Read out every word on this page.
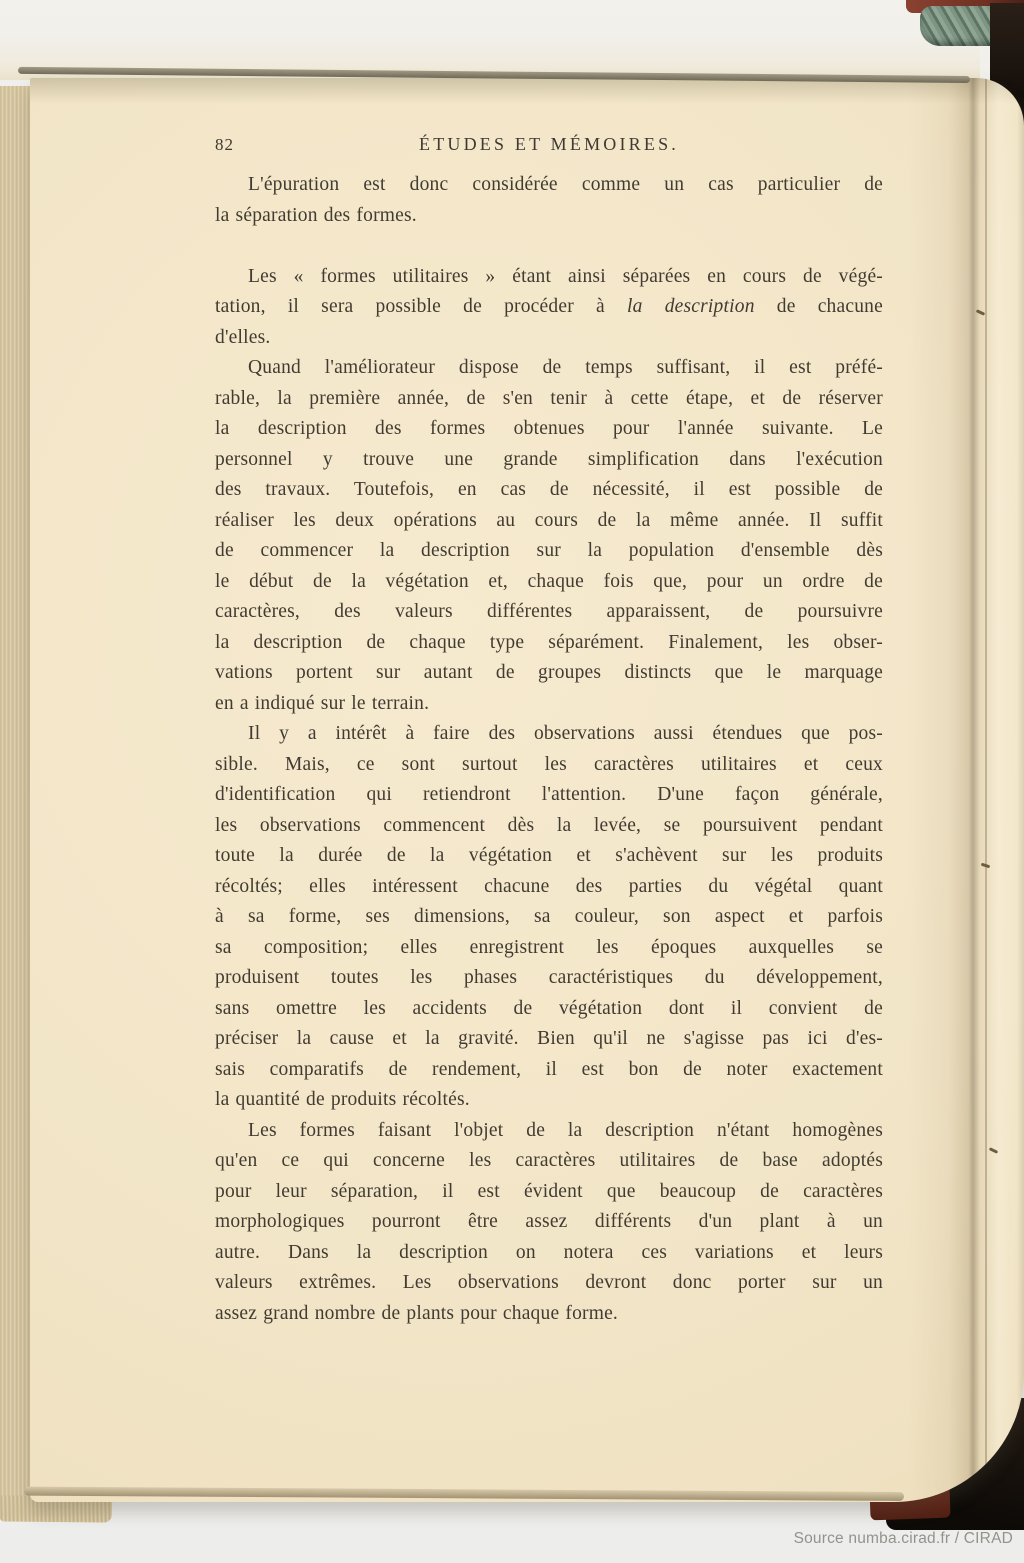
82	ÉTUDES ET MÉMOIRES.
L'épuration est donc considérée comme un cas particulier de
la séparation des formes.
Les « formes utilitaires » étant ainsi séparées en cours de végé-
tation, il sera possible de procéder à la description de chacune
d'elles.
Quand l'améliorateur dispose de temps suffisant, il est préfé-
rable, la première année, de s'en tenir à cette étape, et de réserver
la description des formes obtenues pour l'année suivante. Le
personnel y trouve une grande simplification dans l'exécution
des travaux. Toutefois, en cas de nécessité, il est possible de
réaliser les deux opérations au cours de la même année. Il suffit
de commencer la description sur la population d'ensemble dès
le début de la végétation et, chaque fois que, pour un ordre de
caractères, des valeurs différentes apparaissent, de poursuivre
la description de chaque type séparément. Finalement, les obser-
vations portent sur autant de groupes distincts que le marquage
en a indiqué sur le terrain.
Il y a intérêt à faire des observations aussi étendues que pos-
sible. Mais, ce sont surtout les caractères utilitaires et ceux
d'identification qui retiendront l'attention. D'une façon générale,
les observations commencent dès la levée, se poursuivent pendant
toute la durée de la végétation et s'achèvent sur les produits
récoltés; elles intéressent chacune des parties du végétal quant
à sa forme, ses dimensions, sa couleur, son aspect et parfois
sa composition; elles enregistrent les époques auxquelles se
produisent toutes les phases caractéristiques du développement,
sans omettre les accidents de végétation dont il convient de
préciser la cause et la gravité. Bien qu'il ne s'agisse pas ici d'es-
sais comparatifs de rendement, il est bon de noter exactement
la quantité de produits récoltés.
Les formes faisant l'objet de la description n'étant homogènes
qu'en ce qui concerne les caractères utilitaires de base adoptés
pour leur séparation, il est évident que beaucoup de caractères
morphologiques pourront être assez différents d'un plant à un
autre. Dans la description on notera ces variations et leurs
valeurs extrêmes. Les observations devront donc porter sur un
assez grand nombre de plants pour chaque forme.
Source numba.cirad.fr / CIRAD
